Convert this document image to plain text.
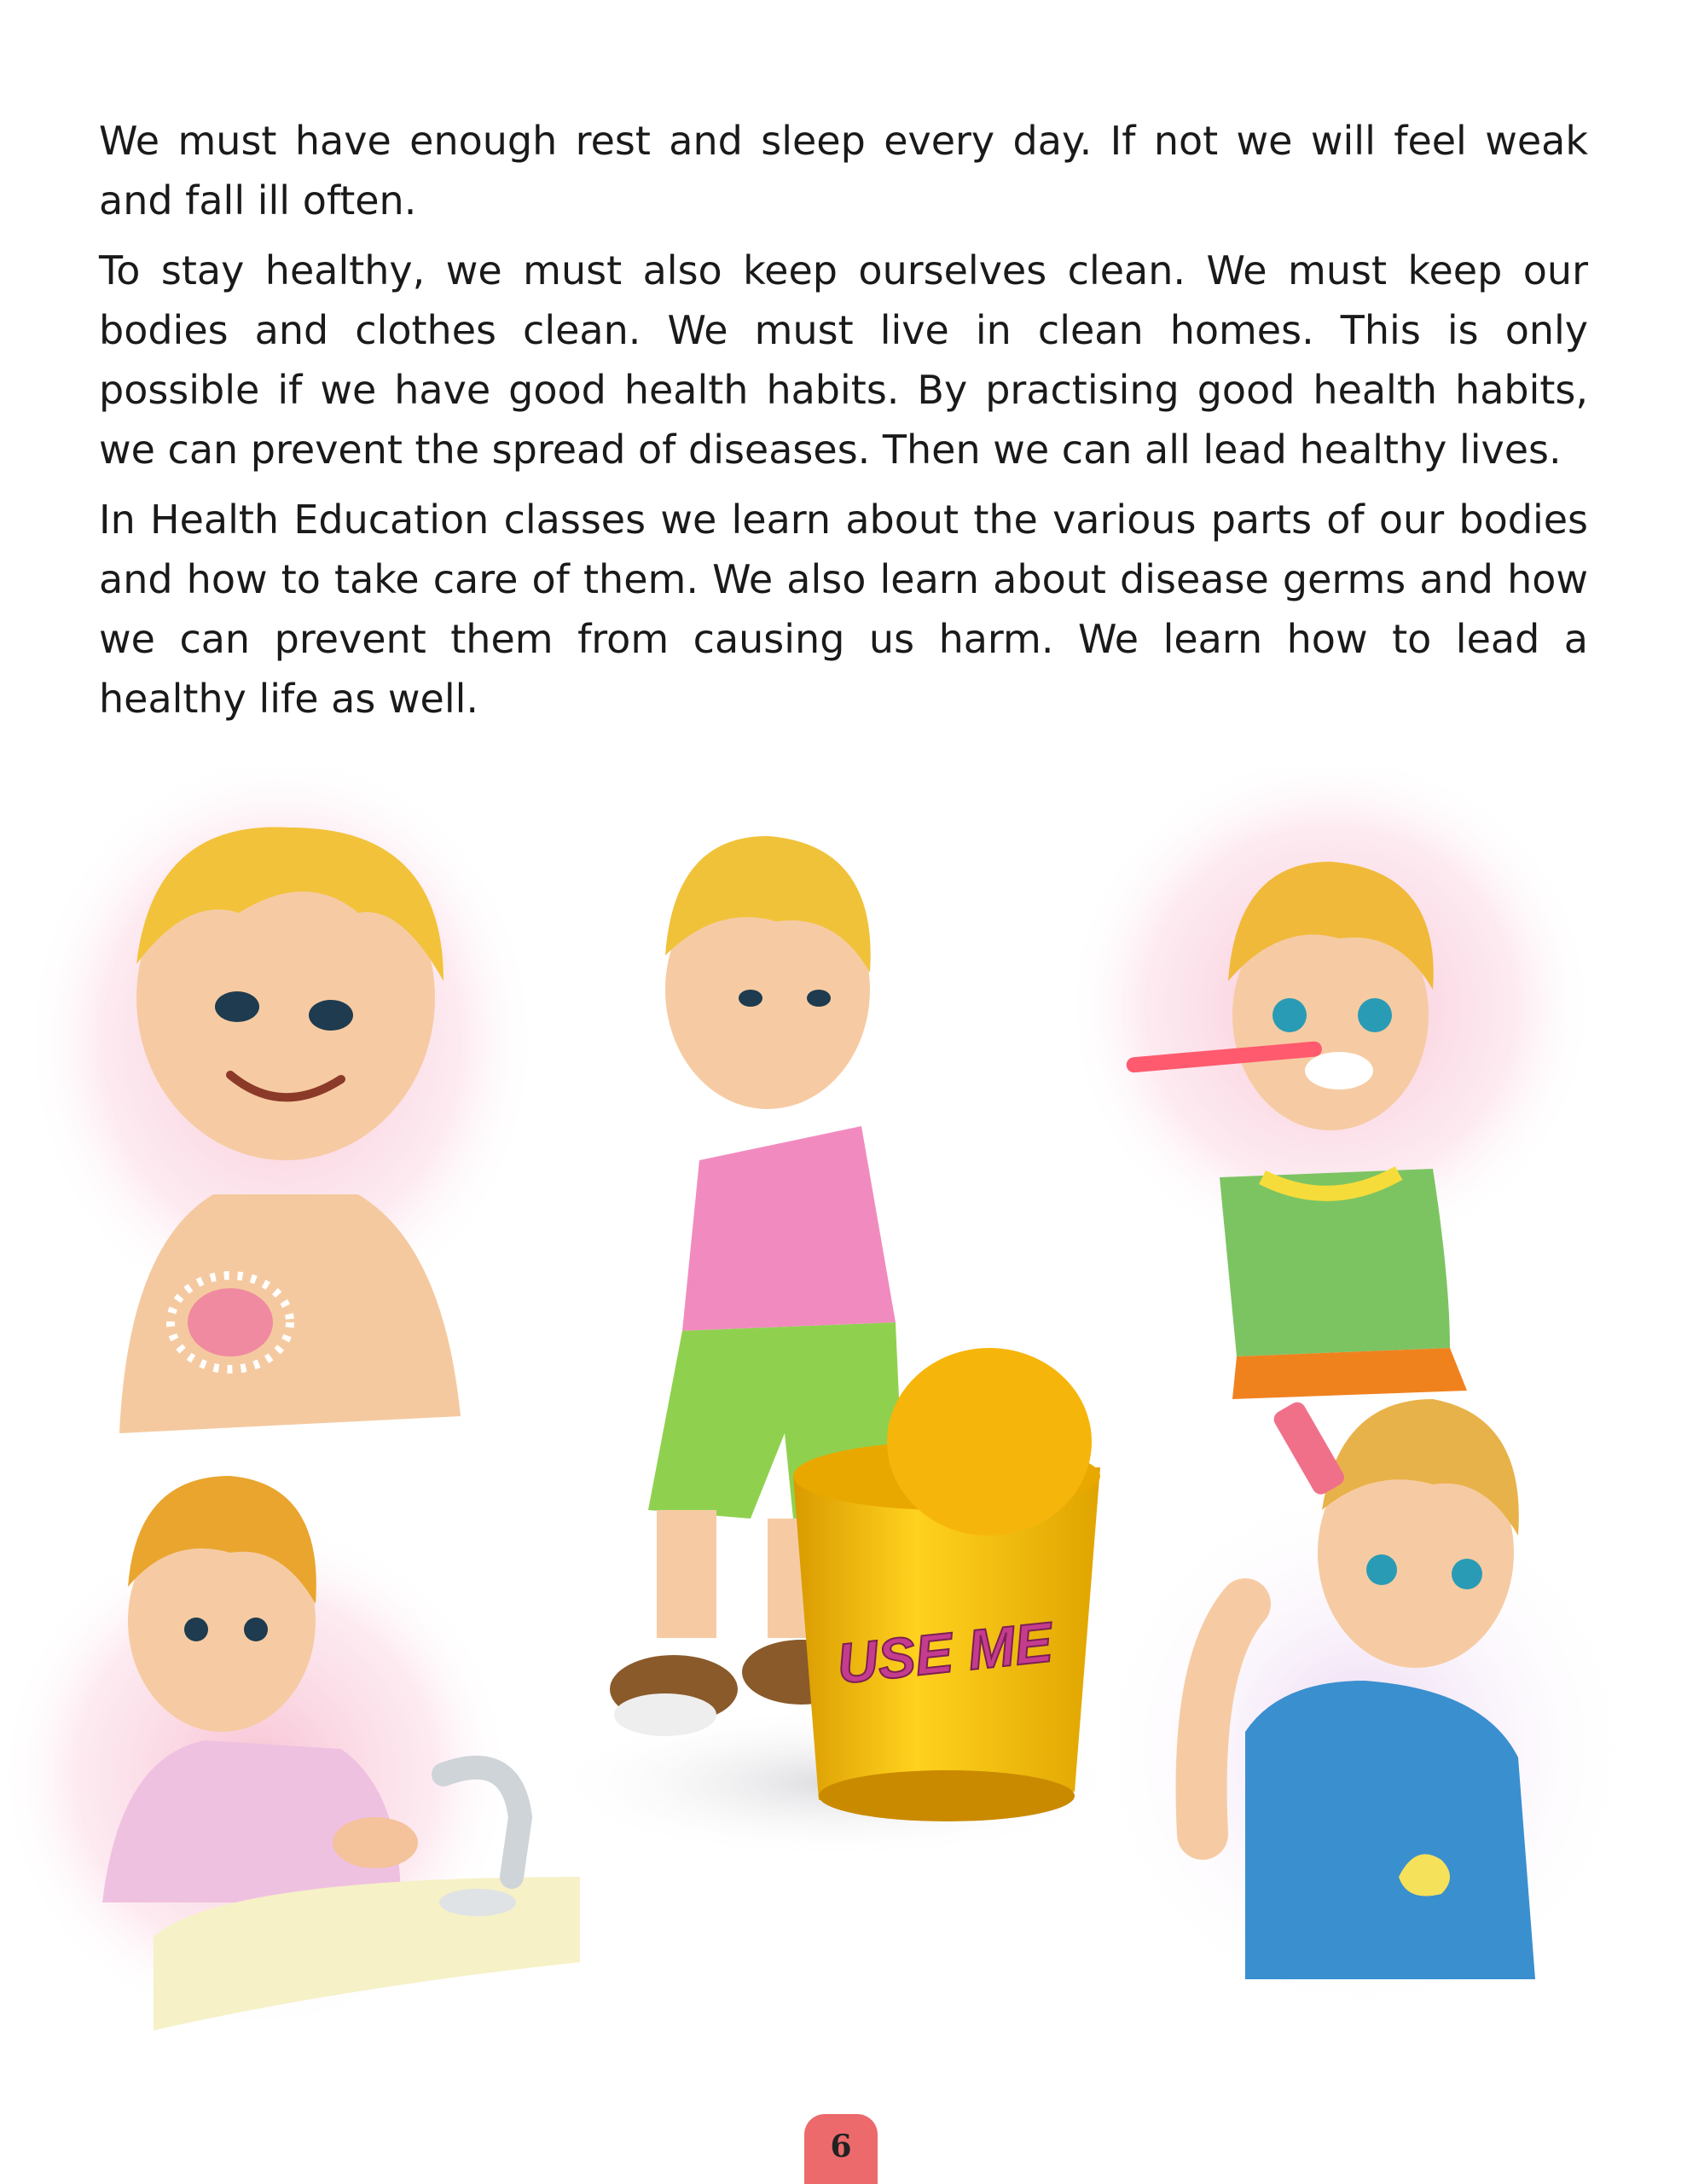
We must have enough rest and sleep every day. If not we will feel weak and fall ill often.

To stay healthy, we must also keep ourselves clean. We must keep our bodies and clothes clean. We must live in clean homes. This is only possible if we have good health habits. By practising good health habits, we can prevent the spread of diseases. Then we can all lead healthy lives.

In Health Education classes we learn about the various parts of our bodies and how to take care of them. We also learn about disease germs and how we can prevent them from causing us harm. We learn how to lead a healthy life as well.

USE ME
6
